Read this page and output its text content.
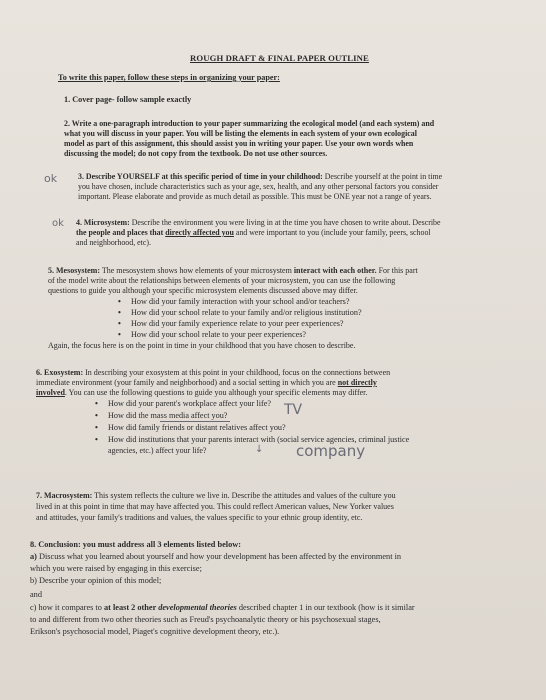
ROUGH DRAFT & FINAL PAPER OUTLINE
To write this paper, follow these steps in organizing your paper:
1. Cover page- follow sample exactly
2. Write a one-paragraph introduction to your paper summarizing the ecological model (and each system) and
what you will discuss in your paper. You will be listing the elements in each system of your own ecological
model as part of this assignment, this should assist you in writing your paper. Use your own words when
discussing the model; do not copy from the textbook. Do not use other sources.
ok	3. Describe YOURSELF at this specific period of time in your childhood: Describe yourself at the point in time
you have chosen, include characteristics such as your age, sex, health, and any other personal factors you consider
important. Please elaborate and provide as much detail as possible. This must be ONE year not a range of years.
ok 4. Microsystem: Describe the environment you were living in at the time you have chosen to write about. Describe
the people and places that directly affected you and were important to you (include your family, peers, school
and neighborhood, etc).
5. Mesosystem: The mesosystem shows how elements of your microsystem interact with each other. For this part
of the model write about the relationships between elements of your microsystem, you can use the following
questions to guide you although your specific microsystem elements discussed above may differ.
• How did your family interaction with your school and/or teachers?
• How did your school relate to your family and/or religious institution?
• How did your family experience relate to your peer experiences?
• How did your school relate to your peer experiences?
Again, the focus here is on the point in time in your childhood that you have chosen to describe.
6. Exosystem: In describing your exosystem at this point in your childhood, focus on the connections between
immediate environment (your family and neighborhood) and a social setting in which you are not directly
involved. You can use the following questions to guide you although your specific elements may differ.
• How did your parent's workplace affect your life?
• How did the mass media affect you?
• How did family friends or distant relatives affect you?
• How did institutions that your parents interact with (social service agencies, criminal justice
agencies, etc.) affect your life?
TV
↓ company
7. Macrosystem: This system reflects the culture we live in. Describe the attitudes and values of the culture you
lived in at this point in time that may have affected you. This could reflect American values, New Yorker values
and attitudes, your family's traditions and values, the values specific to your ethnic group identity, etc.
8. Conclusion: you must address all 3 elements listed below:
a) Discuss what you learned about yourself and how your development has been affected by the environment in
which you were raised by engaging in this exercise;
b) Describe your opinion of this model;
and
c) how it compares to at least 2 other developmental theories described chapter 1 in our textbook (how is it similar
to and different from two other theories such as Freud's psychoanalytic theory or his psychosexual stages,
Erikson's psychosocial model, Piaget's cognitive development theory, etc.).
